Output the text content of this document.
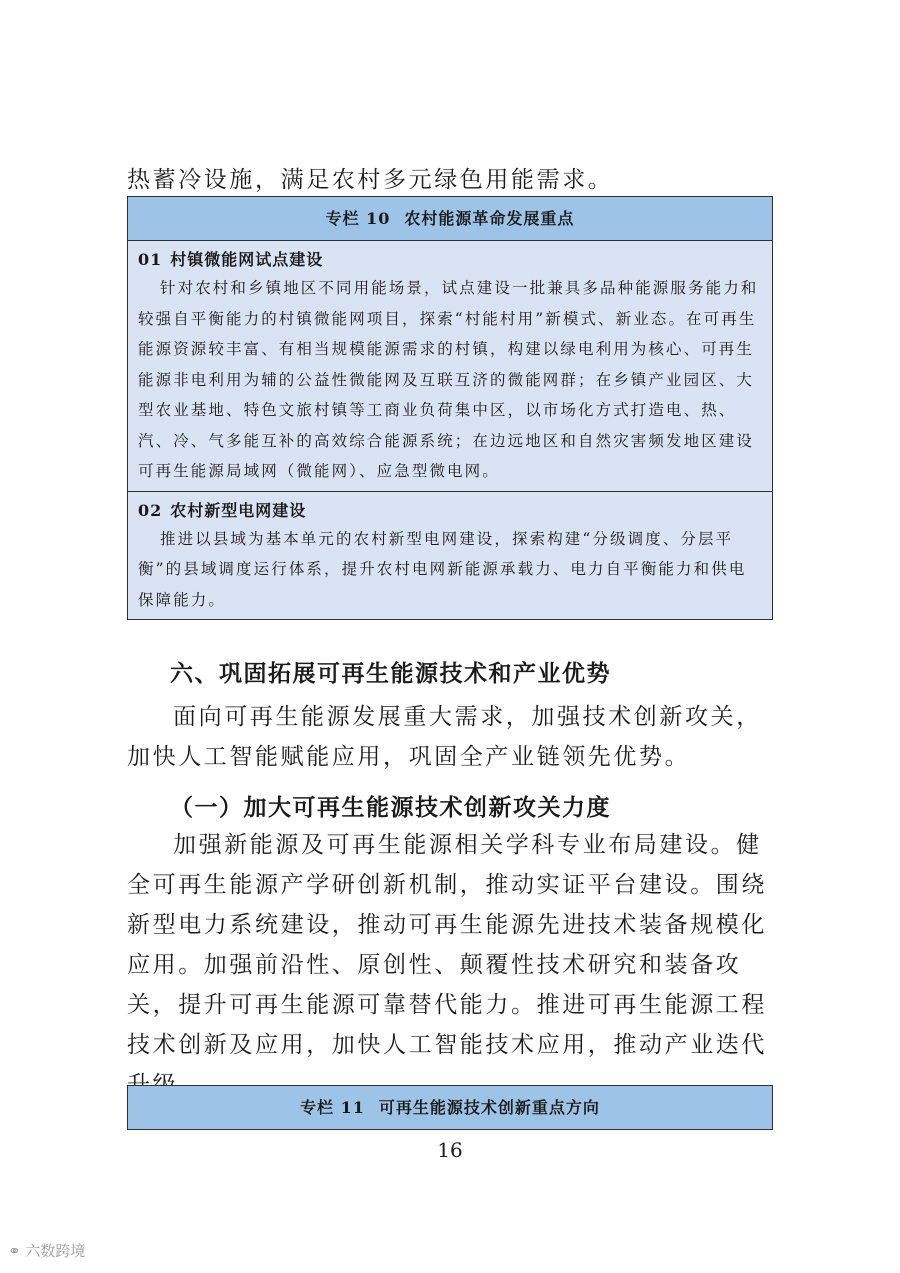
热蓄冷设施，满足农村多元绿色用能需求。

专栏 10 农村能源革命发展重点
01 村镇微能网试点建设
针对农村和乡镇地区不同用能场景，试点建设一批兼具多品种能源服务能力和较强自平衡能力的村镇微能网项目，探索“村能村用”新模式、新业态。在可再生能源资源较丰富、有相当规模能源需求的村镇，构建以绿电利用为核心、可再生能源非电利用为辅的公益性微能网及互联互济的微能网群；在乡镇产业园区、大型农业基地、特色文旅村镇等工商业负荷集中区，以市场化方式打造电、热、汽、冷、气多能互补的高效综合能源系统；在边远地区和自然灾害频发地区建设可再生能源局域网（微能网）、应急型微电网。
02 农村新型电网建设
推进以县域为基本单元的农村新型电网建设，探索构建“分级调度、分层平衡”的县域调度运行体系，提升农村电网新能源承载力、电力自平衡能力和供电保障能力。
六、巩固拓展可再生能源技术和产业优势

面向可再生能源发展重大需求，加强技术创新攻关，加快人工智能赋能应用，巩固全产业链领先优势。

（一）加大可再生能源技术创新攻关力度

加强新能源及可再生能源相关学科专业布局建设。健全可再生能源产学研创新机制，推动实证平台建设。围绕新型电力系统建设，推动可再生能源先进技术装备规模化应用。加强前沿性、原创性、颠覆性技术研究和装备攻关，提升可再生能源可靠替代能力。推进可再生能源工程技术创新及应用，加快人工智能技术应用，推动产业迭代

专栏 11 可再生能源技术创新重点方向
16
⚭ 六数跨境
